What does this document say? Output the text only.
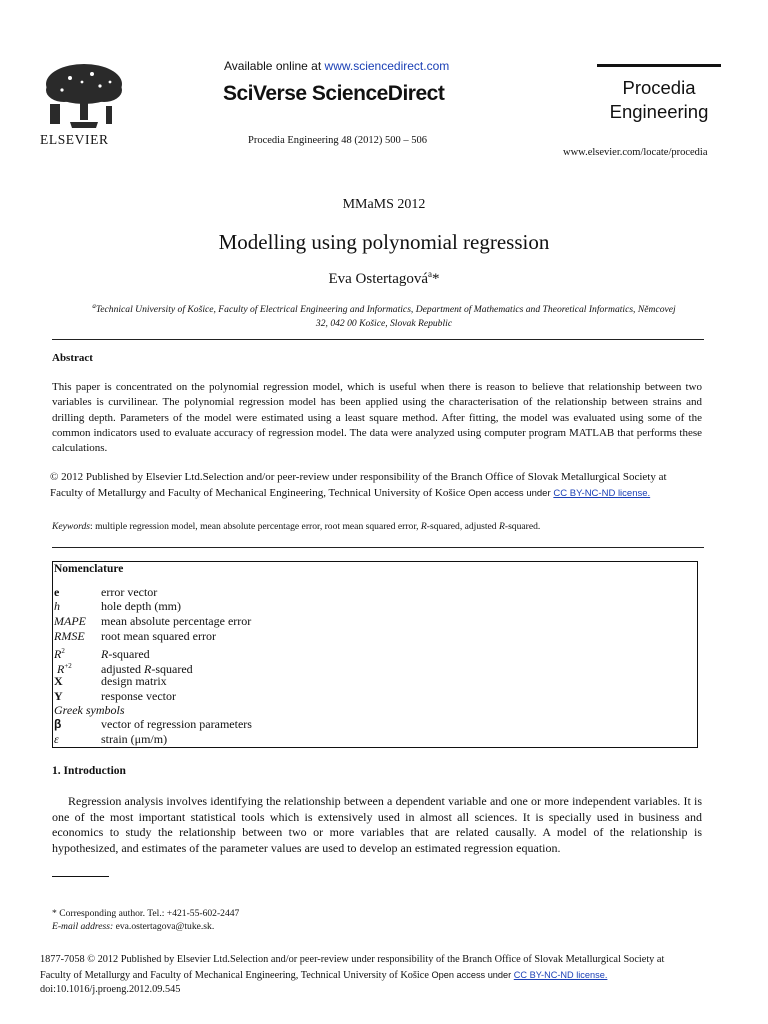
ELSEVIER
Available online at www.sciencedirect.com
SciVerse ScienceDirect
Procedia Engineering 48 (2012) 500 – 506
Procedia
Engineering
www.elsevier.com/locate/procedia
MMaMS 2012
Modelling using polynomial regression
Eva Ostertagová$^a$*
$^a$Technical University of Košice, Faculty of Electrical Engineering and Informatics, Department of Mathematics and Theoretical Informatics, Němcovej
32, 042 00 Košice, Slovak Republic
Abstract
This paper is concentrated on the polynomial regression model, which is useful when there is reason to believe that relationship between two variables is curvilinear. The polynomial regression model has been applied using the characterisation of the relationship between strains and drilling depth. Parameters of the model were estimated using a least square method. After fitting, the model was evaluated using some of the common indicators used to evaluate accuracy of regression model. The data were analyzed using computer program MATLAB that performs these calculations.
© 2012 Published by Elsevier Ltd.Selection and/or peer-review under responsibility of the Branch Office of Slovak Metallurgical Society at
Faculty of Metallurgy and Faculty of Mechanical Engineering, Technical University of Košice Open access under CC BY-NC-ND license.
Keywords: multiple regression model, mean absolute percentage error, root mean squared error, R-squared, adjusted R-squared.
Nomenclature
e	error vector
h	hole depth (mm)
MAPE mean absolute percentage error
RMSE root mean squared error
$R^2$	R-squared
$R^{+2}$ adjusted R-squared
X	design matrix
Y	response vector
Greek symbols
β	vector of regression parameters
ε	strain (μm/m)
1. Introduction
Regression analysis involves identifying the relationship between a dependent variable and one or more independent variables. It is one of the most important statistical tools which is extensively used in almost all sciences. It is specially used in business and economics to study the relationship between two or more variables that are related causally. A model of the relationship is hypothesized, and estimates of the parameter values are used to develop an estimated regression equation.
* Corresponding author. Tel.: +421-55-602-2447
E-mail address: eva.ostertagova@tuke.sk.
1877-7058 © 2012 Published by Elsevier Ltd.Selection and/or peer-review under responsibility of the Branch Office of Slovak Metallurgical Society at
Faculty of Metallurgy and Faculty of Mechanical Engineering, Technical University of Košice Open access under CC BY-NC-ND license.
doi:10.1016/j.proeng.2012.09.545
